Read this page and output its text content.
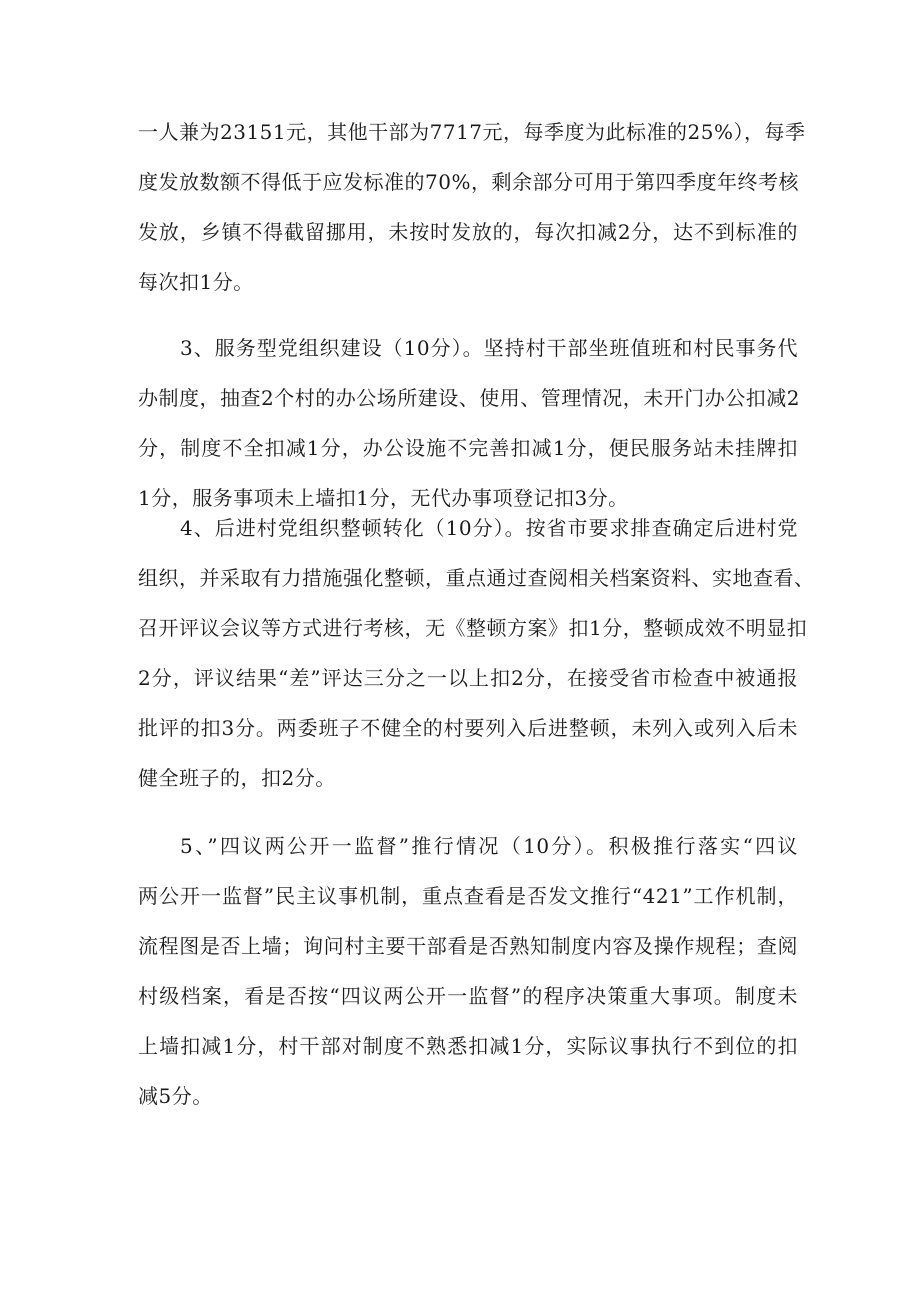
一人兼为23151元，其他干部为7717元，每季度为此标准的25%），每季
度发放数额不得低于应发标准的70%，剩余部分可用于第四季度年终考核
发放，乡镇不得截留挪用，未按时发放的，每次扣减2分，达不到标准的
每次扣1分。
3、服务型党组织建设（10分）。坚持村干部坐班值班和村民事务代
办制度，抽查2个村的办公场所建设、使用、管理情况，未开门办公扣减2
分，制度不全扣减1分，办公设施不完善扣减1分，便民服务站未挂牌扣
1分，服务事项未上墙扣1分，无代办事项登记扣3分。
4、后进村党组织整顿转化（10分）。按省市要求排查确定后进村党
组织，并采取有力措施强化整顿，重点通过查阅相关档案资料、实地查看、
召开评议会议等方式进行考核，无《整顿方案》扣1分，整顿成效不明显扣
2分，评议结果“差”评达三分之一以上扣2分，在接受省市检查中被通报
批评的扣3分。两委班子不健全的村要列入后进整顿，未列入或列入后未
健全班子的，扣2分。
5、”四议两公开一监督”推行情况（10分）。积极推行落实“四议
两公开一监督”民主议事机制，重点查看是否发文推行“421”工作机制，
流程图是否上墙；询问村主要干部看是否熟知制度内容及操作规程；查阅
村级档案，看是否按“四议两公开一监督”的程序决策重大事项。制度未
上墙扣减1分，村干部对制度不熟悉扣减1分，实际议事执行不到位的扣
减5分。
